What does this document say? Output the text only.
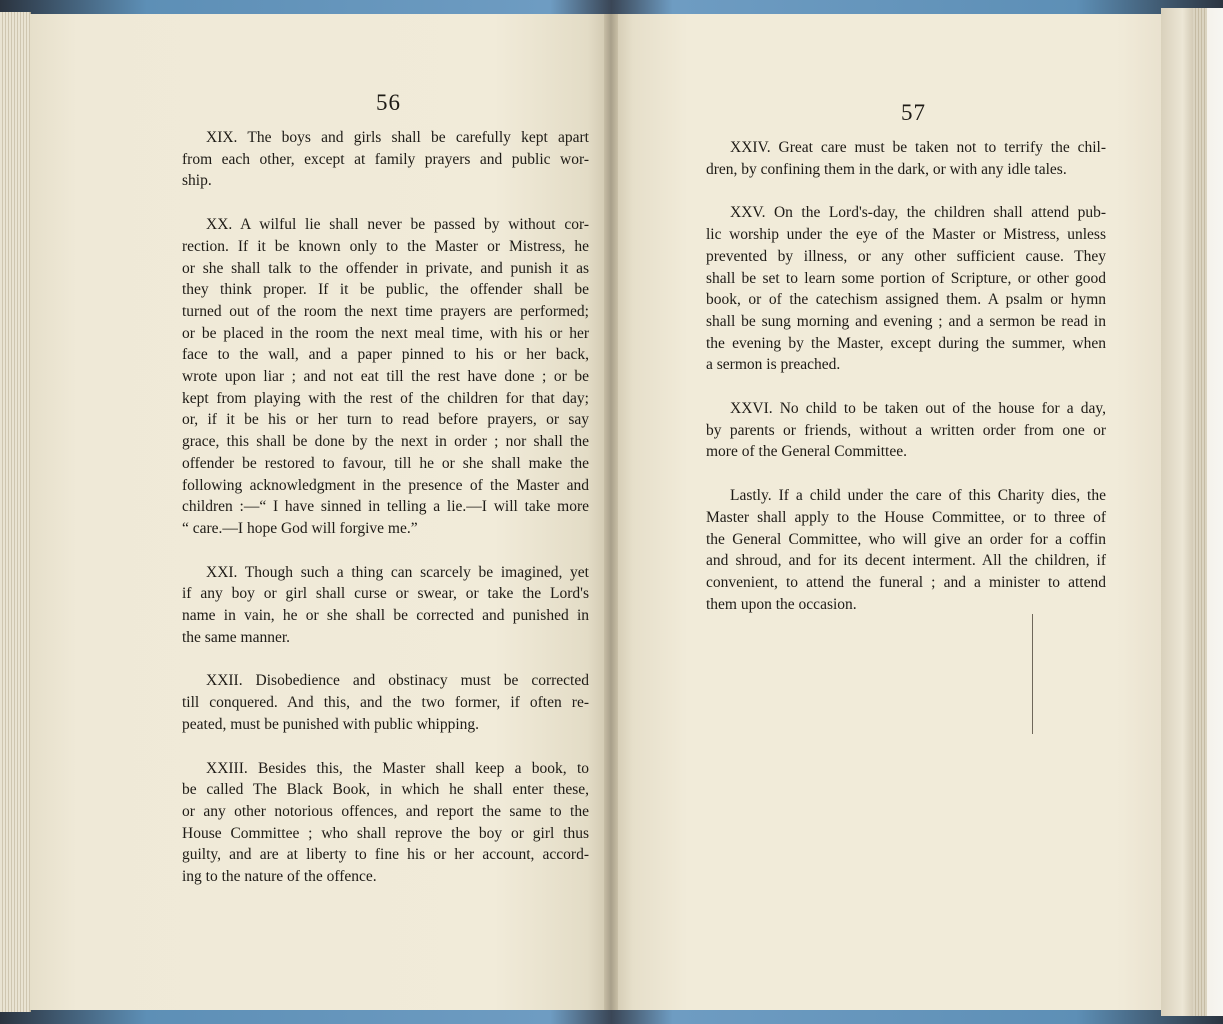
56
XIX. The boys and girls shall be carefully kept apart
from each other, except at family prayers and public wor-
ship.
XX. A wilful lie shall never be passed by without cor-
rection. If it be known only to the Master or Mistress, he
or she shall talk to the offender in private, and punish it as
they think proper. If it be public, the offender shall be
turned out of the room the next time prayers are performed;
or be placed in the room the next meal time, with his or her
face to the wall, and a paper pinned to his or her back,
wrote upon liar ; and not eat till the rest have done ; or be
kept from playing with the rest of the children for that day;
or, if it be his or her turn to read before prayers, or say
grace, this shall be done by the next in order ; nor shall the
offender be restored to favour, till he or she shall make the
following acknowledgment in the presence of the Master and
children :—“ I have sinned in telling a lie.—I will take more
“ care.—I hope God will forgive me.”
XXI. Though such a thing can scarcely be imagined, yet
if any boy or girl shall curse or swear, or take the Lord's
name in vain, he or she shall be corrected and punished in
the same manner.
XXII. Disobedience and obstinacy must be corrected
till conquered. And this, and the two former, if often re-
peated, must be punished with public whipping.
XXIII. Besides this, the Master shall keep a book, to
be called The Black Book, in which he shall enter these,
or any other notorious offences, and report the same to the
House Committee ; who shall reprove the boy or girl thus
guilty, and are at liberty to fine his or her account, accord-
ing to the nature of the offence.
57
XXIV. Great care must be taken not to terrify the chil-
dren, by confining them in the dark, or with any idle tales.
XXV. On the Lord's-day, the children shall attend pub-
lic worship under the eye of the Master or Mistress, unless
prevented by illness, or any other sufficient cause. They
shall be set to learn some portion of Scripture, or other good
book, or of the catechism assigned them. A psalm or hymn
shall be sung morning and evening ; and a sermon be read in
the evening by the Master, except during the summer, when
a sermon is preached.
XXVI. No child to be taken out of the house for a day,
by parents or friends, without a written order from one or
more of the General Committee.
Lastly. If a child under the care of this Charity dies, the
Master shall apply to the House Committee, or to three of
the General Committee, who will give an order for a coffin
and shroud, and for its decent interment. All the children, if
convenient, to attend the funeral ; and a minister to attend
them upon the occasion.
